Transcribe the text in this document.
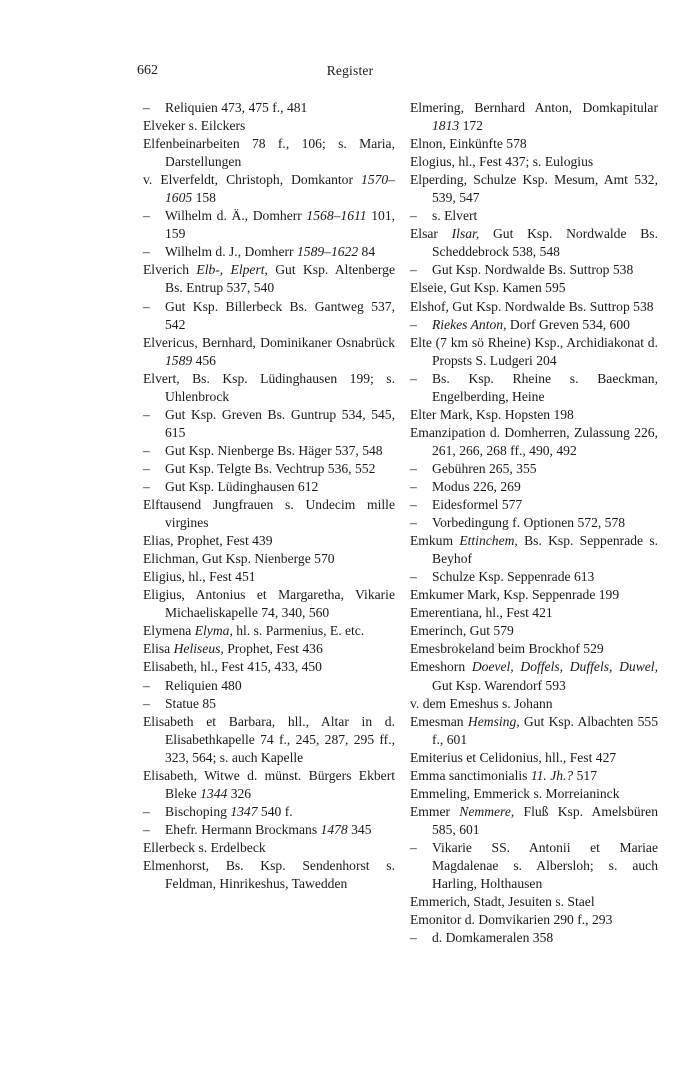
662	Register

– Reliquien 473, 475 f., 481

Elveker s. Eilckers

Elfenbeinarbeiten 78 f., 106; s. Maria, Darstellungen

v. Elverfeldt, Christoph, Domkantor 1570–1605 158

– Wilhelm d. Ä., Domherr 1568–1611 101, 159

– Wilhelm d. J., Domherr 1589–1622 84

Elverich Elb-, Elpert, Gut Ksp. Altenberge Bs. Entrup 537, 540

– Gut Ksp. Billerbeck Bs. Gantweg 537, 542

Elvericus, Bernhard, Dominikaner Osnabrück 1589 456

Elvert, Bs. Ksp. Lüdinghausen 199; s. Uhlenbrock

– Gut Ksp. Greven Bs. Guntrup 534, 545, 615

– Gut Ksp. Nienberge Bs. Häger 537, 548

– Gut Ksp. Telgte Bs. Vechtrup 536, 552

– Gut Ksp. Lüdinghausen 612

Elftausend Jungfrauen s. Undecim mille virgines

Elias, Prophet, Fest 439

Elichman, Gut Ksp. Nienberge 570

Eligius, hl., Fest 451

Eligius, Antonius et Margaretha, Vikarie Michaeliskapelle 74, 340, 560

Elymena Elyma, hl. s. Parmenius, E. etc.

Elisa Heliseus, Prophet, Fest 436

Elisabeth, hl., Fest 415, 433, 450

– Reliquien 480

– Statue 85

Elisabeth et Barbara, hll., Altar in d. Elisabethkapelle 74 f., 245, 287, 295 ff., 323, 564; s. auch Kapelle

Elisabeth, Witwe d. münst. Bürgers Ekbert Bleke 1344 326

– Bischoping 1347 540 f.

– Ehefr. Hermann Brockmans 1478 345

Ellerbeck s. Erdelbeck

Elmenhorst, Bs. Ksp. Sendenhorst s. Feldman, Hinrikeshus, Tawedden

Elmering, Bernhard Anton, Domkapitular 1813 172

Elnon, Einkünfte 578

Elogius, hl., Fest 437; s. Eulogius

Elperding, Schulze Ksp. Mesum, Amt 532, 539, 547

– s. Elvert

Elsar Ilsar, Gut Ksp. Nordwalde Bs. Scheddebrock 538, 548

– Gut Ksp. Nordwalde Bs. Suttrop 538

Elseie, Gut Ksp. Kamen 595

Elshof, Gut Ksp. Nordwalde Bs. Suttrop 538

– Riekes Anton, Dorf Greven 534, 600

Elte (7 km sö Rheine) Ksp., Archidiakonat d. Propsts S. Ludgeri 204

– Bs. Ksp. Rheine s. Baeckman, Engelberding, Heine

Elter Mark, Ksp. Hopsten 198

Emanzipation d. Domherren, Zulassung 226, 261, 266, 268 ff., 490, 492

– Gebühren 265, 355

– Modus 226, 269

– Eidesformel 577

– Vorbedingung f. Optionen 572, 578

Emkum Ettinchem, Bs. Ksp. Seppenrade s. Beyhof

– Schulze Ksp. Seppenrade 613

Emkumer Mark, Ksp. Seppenrade 199

Emerentiana, hl., Fest 421

Emerinch, Gut 579

Emesbrokeland beim Brockhof 529

Emeshorn Doevel, Doffels, Duffels, Duwel, Gut Ksp. Warendorf 593

v. dem Emeshus s. Johann

Emesman Hemsing, Gut Ksp. Albachten 555 f., 601

Emiterius et Celidonius, hll., Fest 427

Emma sanctimonialis 11. Jh.? 517

Emmeling, Emmerick s. Morreianinck

Emmer Nemmere, Fluß Ksp. Amelsbüren 585, 601

– Vikarie SS. Antonii et Mariae Magdalenae s. Albersloh; s. auch Harling, Holthausen

Emmerich, Stadt, Jesuiten s. Stael

Emonitor d. Domvikarien 290 f., 293

– d. Domkameralen 358
